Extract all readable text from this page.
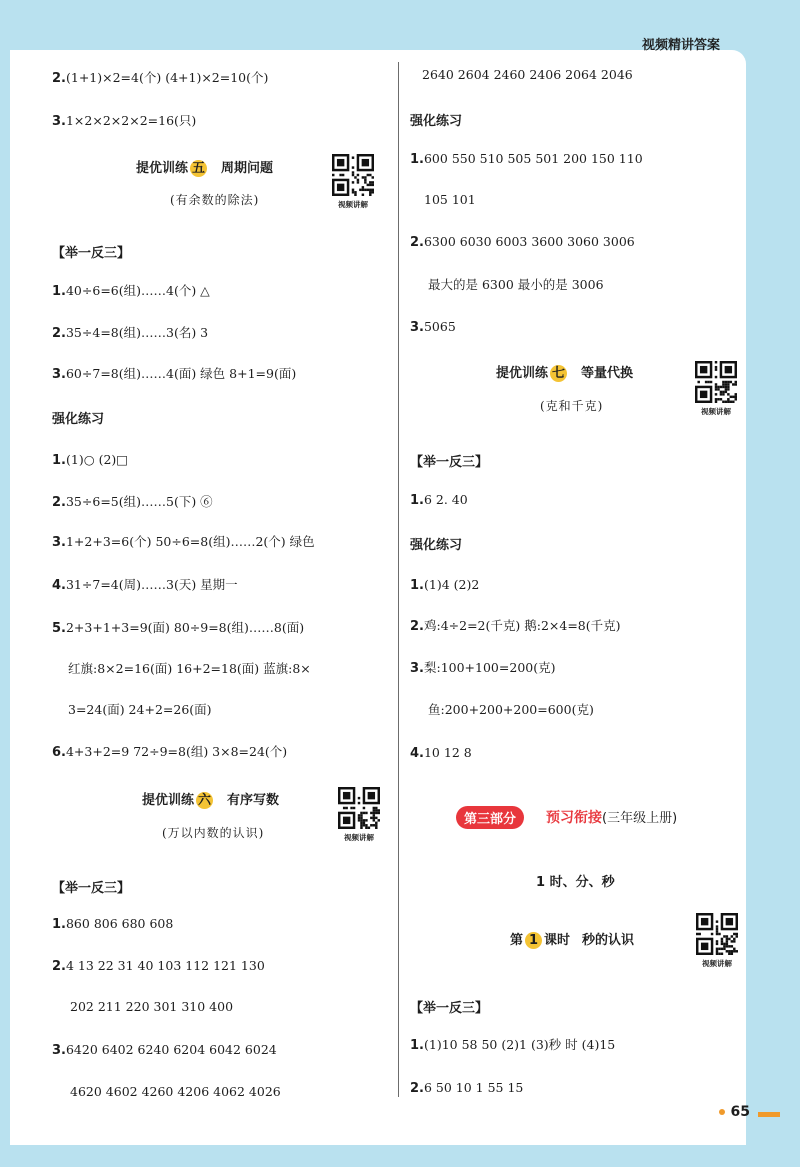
视频精讲答案
2.(1+1)×2=4(个) (4+1)×2=10(个)
3.1×2×2×2×2=16(只)
提优训练 五 周期问题
(有余数的除法)	视频讲解
【举一反三】
1.40÷6=6(组)……4(个) △
2.35÷4=8(组)……3(名) 3
3.60÷7=8(组)……4(面) 绿色 8+1=9(面)
强化练习
1.(1)○ (2)□
2.35÷6=5(组)……5(下) ⑥
3.1+2+3=6(个) 50÷6=8(组)……2(个) 绿色
4.31÷7=4(周)……3(天) 星期一
5.2+3+1+3=9(面) 80÷9=8(组)……8(面)
红旗:8×2=16(面) 16+2=18(面) 蓝旗:8×
3=24(面) 24+2=26(面)
6.4+3+2=9 72÷9=8(组) 3×8=24(个)
提优训练 六 有序写数
(万以内数的认识)	视频讲解
【举一反三】
1.860 806 680 608
2.4 13 22 31 40 103 112 121 130
202 211 220 301 310 400
3.6420 6402 6240 6204 6042 6024
4620 4602 4260 4206 4062 4026
2640 2604 2460 2406 2064 2046
强化练习
1.600 550 510 505 501 200 150 110
105 101
2.6300 6030 6003 3600 3060 3006
最大的是 6300 最小的是 3006
3.5065
提优训练 七 等量代换
(克和千克)	视频讲解
【举一反三】
1.6 2. 40
强化练习
1.(1)4 (2)2
2.鸡:4÷2=2(千克) 鹅:2×4=8(千克)
3.梨:100+100=200(克)
鱼:200+200+200=600(克)
4.10 12 8
第三部分	预习衔接(三年级上册)
1 时、分、秒
第 1 课时 秒的认识
视频讲解
【举一反三】
1.(1)10 58 50 (2)1 (3)秒 时 (4)15
2.6 50 10 1 55 15
65
